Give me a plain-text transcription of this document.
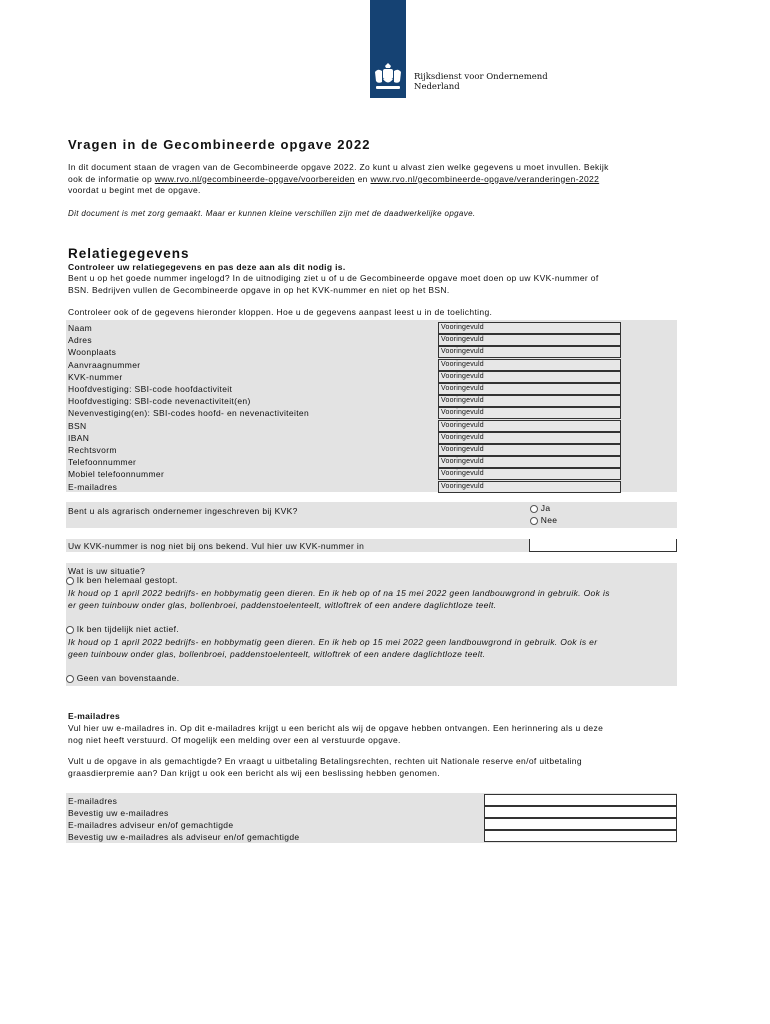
Rijksdienst voor Ondernemend
Nederland
Vragen in de Gecombineerde opgave 2022
In dit document staan de vragen van de Gecombineerde opgave 2022. Zo kunt u alvast zien welke gegevens u moet invullen. Bekijk
ook de informatie op www.rvo.nl/gecombineerde-opgave/voorbereiden en www.rvo.nl/gecombineerde-opgave/veranderingen-2022
voordat u begint met de opgave.
Dit document is met zorg gemaakt. Maar er kunnen kleine verschillen zijn met de daadwerkelijke opgave.
Relatiegegevens
Controleer uw relatiegegevens en pas deze aan als dit nodig is.
Bent u op het goede nummer ingelogd? In de uitnodiging ziet u of u de Gecombineerde opgave moet doen op uw KVK-nummer of
BSN. Bedrijven vullen de Gecombineerde opgave in op het KVK-nummer en niet op het BSN.
Controleer ook of de gegevens hieronder kloppen. Hoe u de gegevens aanpast leest u in de toelichting.
Naam	Vooringevuld
Adres	Vooringevuld
Woonplaats	Vooringevuld
Aanvraagnummer	Vooringevuld
KVK-nummer	Vooringevuld
Hoofdvestiging: SBI-code hoofdactiviteit	Vooringevuld
Hoofdvestiging: SBI-code nevenactiviteit(en)	Vooringevuld
Nevenvestiging(en): SBI-codes hoofd- en nevenactiviteiten	Vooringevuld
BSN	Vooringevuld
IBAN	Vooringevuld
Rechtsvorm	Vooringevuld
Telefoonnummer	Vooringevuld
Mobiel telefoonnummer	Vooringevuld
E-mailadres	Vooringevuld
Bent u als agrarisch ondernemer ingeschreven bij KVK?	Ja
Nee
Uw KVK-nummer is nog niet bij ons bekend. Vul hier uw KVK-nummer in
Wat is uw situatie?
Ik ben helemaal gestopt.
Ik houd op 1 april 2022 bedrijfs- en hobbymatig geen dieren. En ik heb op of na 15 mei 2022 geen landbouwgrond in gebruik. Ook is
er geen tuinbouw onder glas, bollenbroei, paddenstoelenteelt, witloftrek of een andere daglichtloze teelt.
Ik ben tijdelijk niet actief.
Ik houd op 1 april 2022 bedrijfs- en hobbymatig geen dieren. En ik heb op 15 mei 2022 geen landbouwgrond in gebruik. Ook is er
geen tuinbouw onder glas, bollenbroei, paddenstoelenteelt, witloftrek of een andere daglichtloze teelt.
Geen van bovenstaande.
E-mailadres
Vul hier uw e-mailadres in. Op dit e-mailadres krijgt u een bericht als wij de opgave hebben ontvangen. Een herinnering als u deze
nog niet heeft verstuurd. Of mogelijk een melding over een al verstuurde opgave.
Vult u de opgave in als gemachtigde? En vraagt u uitbetaling Betalingsrechten, rechten uit Nationale reserve en/of uitbetaling
graasdierpremie aan? Dan krijgt u ook een bericht als wij een beslissing hebben genomen.
E-mailadres
Bevestig uw e-mailadres
E-mailadres adviseur en/of gemachtigde
Bevestig uw e-mailadres als adviseur en/of gemachtigde
